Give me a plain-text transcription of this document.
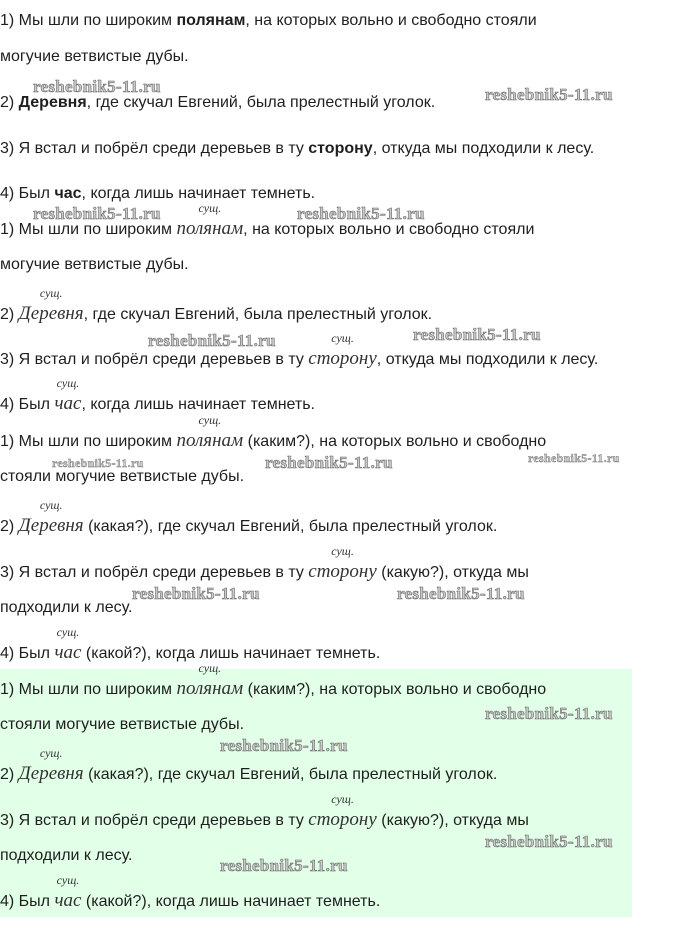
1) Мы шли по широким полянам, на которых вольно и свободно стояли
могучие ветвистые дубы.
2) Деревня, где скучал Евгений, была прелестный уголок.
3) Я встал и побрёл среди деревьев в ту сторону, откуда мы подходили к лесу.
4) Был час, когда лишь начинает темнеть.
1) Мы шли по широким
сущ.
полянам, на которых вольно и свободно стояли
могучие ветвистые дубы.
2)
сущ.
Деревня, где скучал Евгений, была прелестный уголок.
3) Я встал и побрёл среди деревьев в ту
сущ.
сторону, откуда мы подходили к лесу.
4) Был
сущ.
час, когда лишь начинает темнеть.
1) Мы шли по широким
сущ.
полянам (каким?), на которых вольно и свободно
стояли могучие ветвистые дубы.
2)
сущ.
Деревня (какая?), где скучал Евгений, была прелестный уголок.
3) Я встал и побрёл среди деревьев в ту
сущ.
сторону (какую?), откуда мы
подходили к лесу.
4) Был
сущ.
час (какой?), когда лишь начинает темнеть.
1) Мы шли по широким
сущ.
полянам (каким?), на которых вольно и свободно
стояли могучие ветвистые дубы.
2)
сущ.
Деревня (какая?), где скучал Евгений, была прелестный уголок.
3) Я встал и побрёл среди деревьев в ту
сущ.
сторону (какую?), откуда мы
подходили к лесу.
4) Был
сущ.
час (какой?), когда лишь начинает темнеть.
reshebnik5-11.ru	reshebnik5-11.ru
reshebnik5-11.ru	reshebnik5-11.ru
reshebnik5-11.ru	reshebnik5-11.ru
reshebnik5-11.ru	reshebnik5-11.ru	reshebnik5-11.ru
reshebnik5-11.ru	reshebnik5-11.ru
reshebnik5-11.ru
reshebnik5-11.ru
reshebnik5-11.ru
reshebnik5-11.ru
